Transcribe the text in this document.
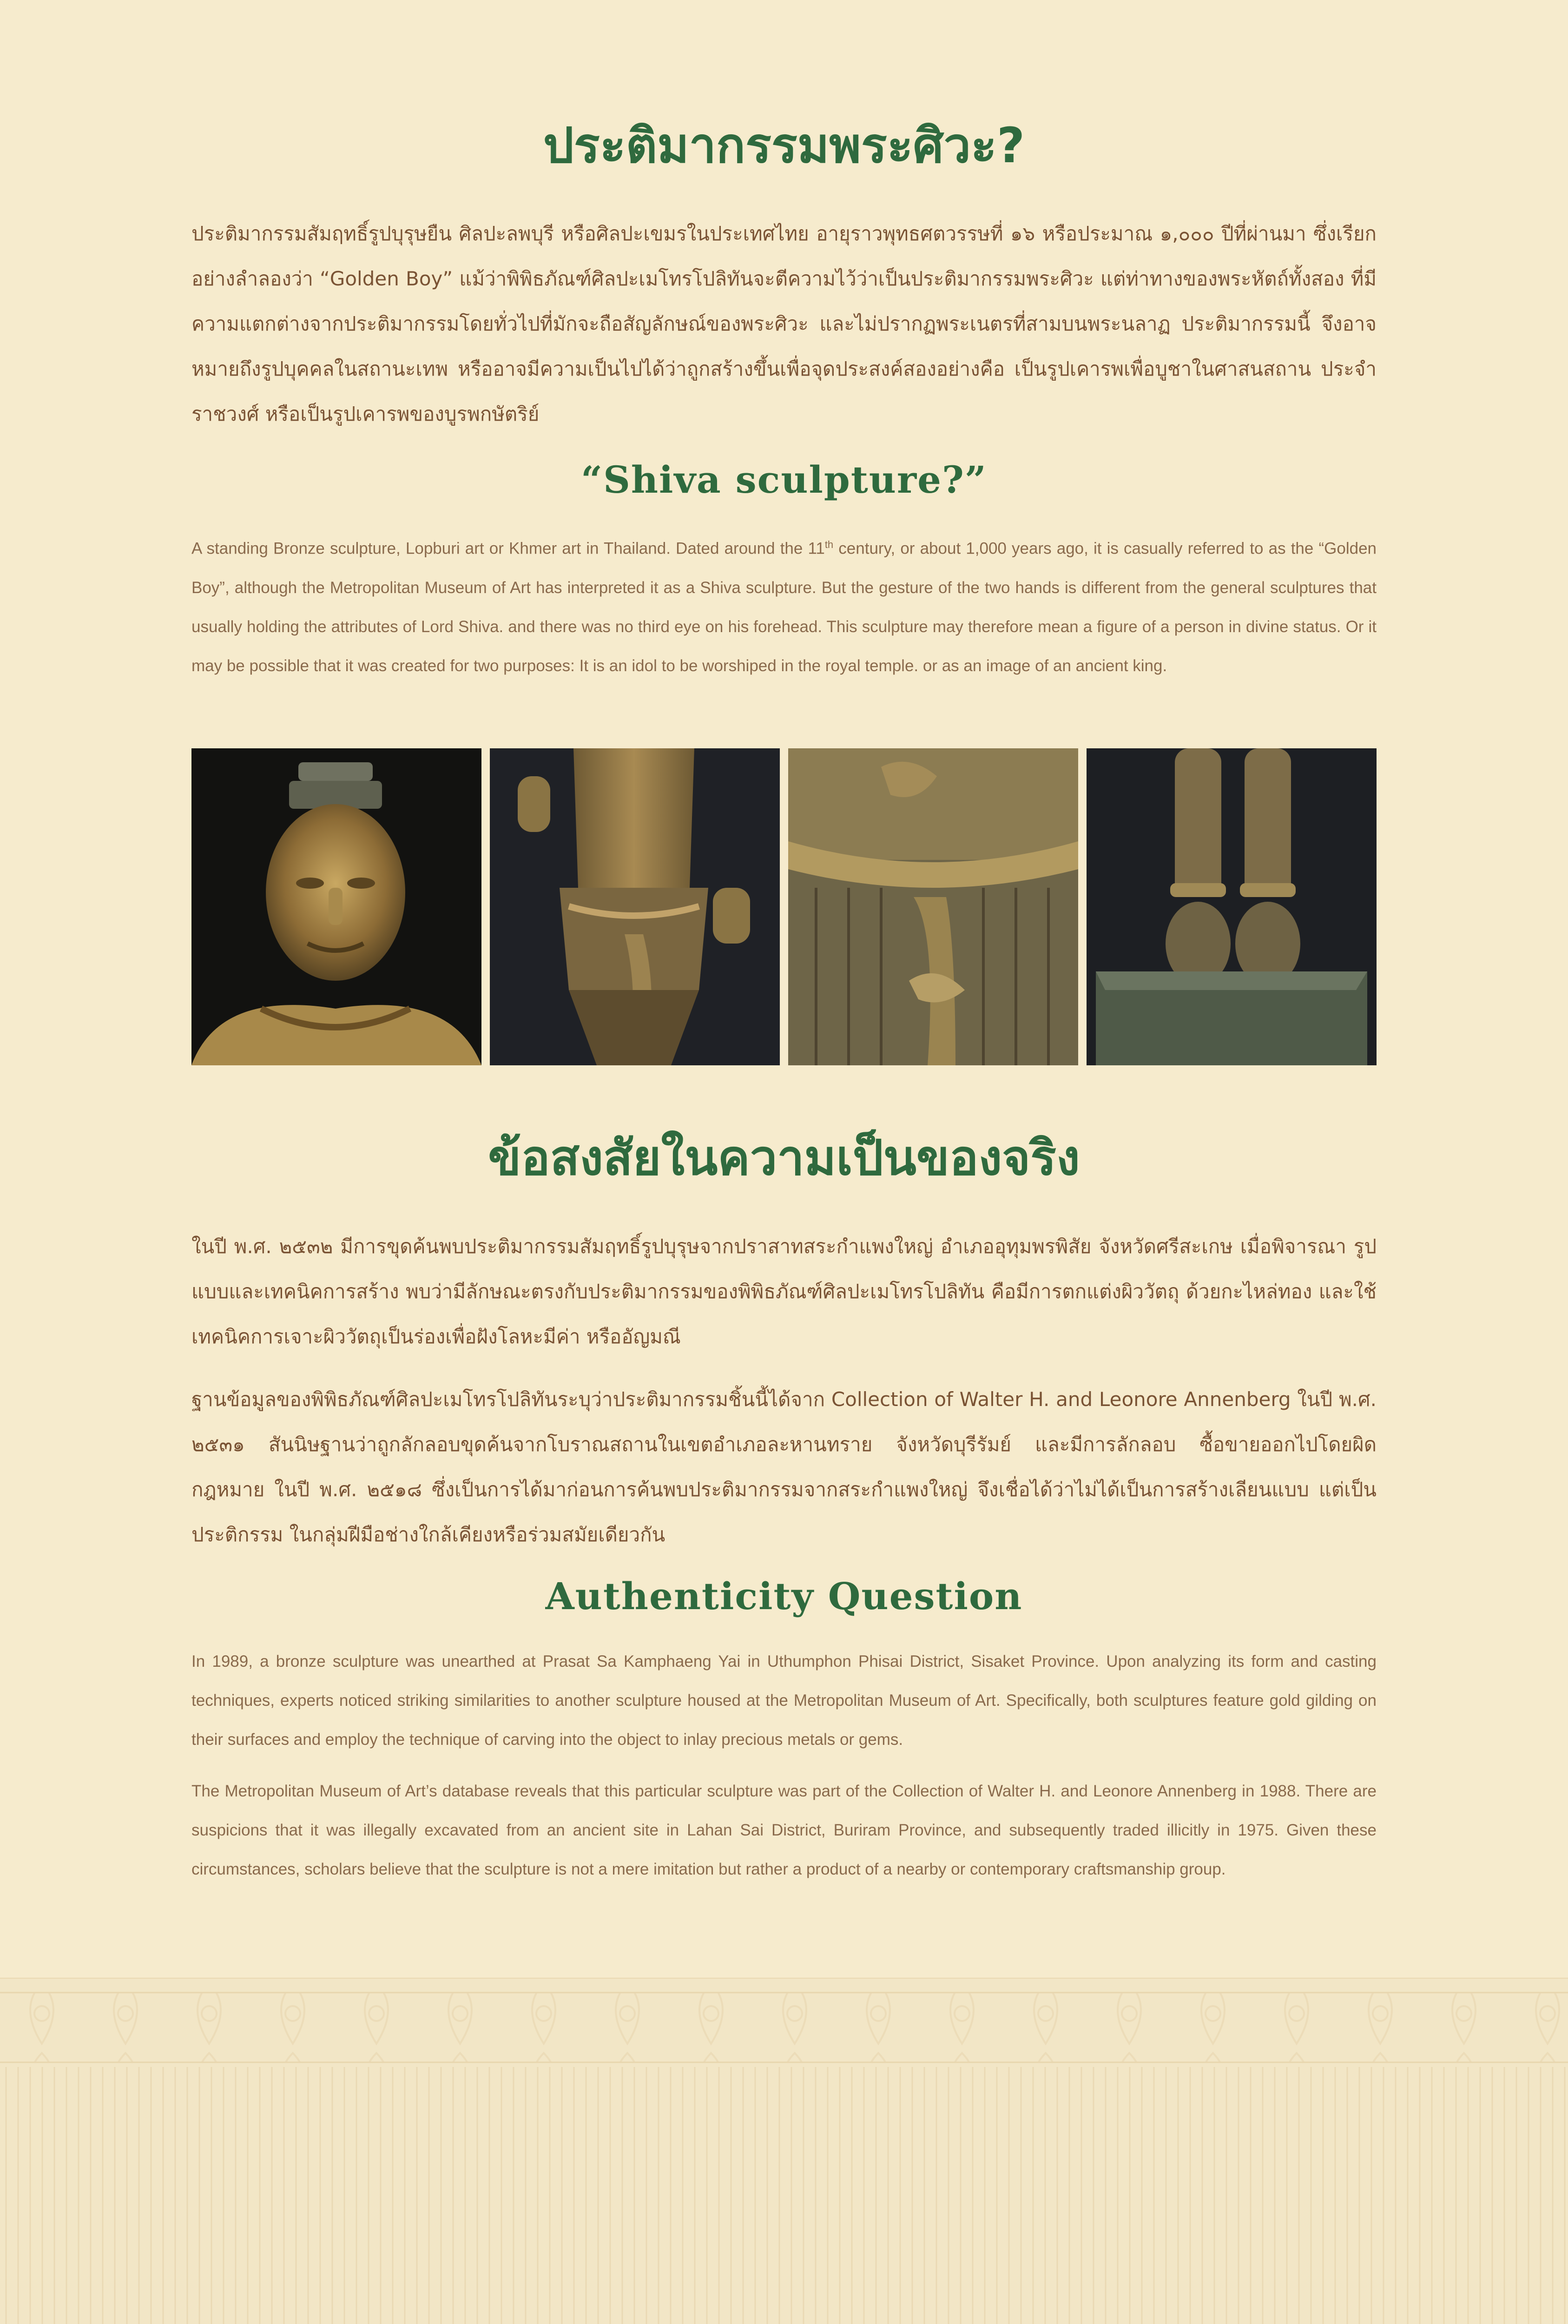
ประติมากรรมพระศิวะ?

ประติมากรรมสัมฤทธิ์รูปบุรุษยืน ศิลปะลพบุรี หรือศิลปะเขมรในประเทศไทย อายุราวพุทธศตวรรษที่ ๑๖ หรือประมาณ ๑,๐๐๐ ปีที่ผ่านมา ซึ่งเรียกอย่างลำลองว่า “Golden Boy” แม้ว่าพิพิธภัณฑ์ศิลปะเมโทรโปลิทันจะตีความไว้ว่าเป็นประติมากรรมพระศิวะ แต่ท่าทางของพระหัตถ์ทั้งสอง ที่มีความแตกต่างจากประติมากรรมโดยทั่วไปที่มักจะถือสัญลักษณ์ของพระศิวะ และไม่ปรากฏพระเนตรที่สามบนพระนลาฏ ประติมากรรมนี้ จึงอาจหมายถึงรูปบุคคลในสถานะเทพ หรืออาจมีความเป็นไปได้ว่าถูกสร้างขึ้นเพื่อจุดประสงค์สองอย่างคือ เป็นรูปเคารพเพื่อบูชาในศาสนสถาน ประจำราชวงศ์ หรือเป็นรูปเคารพของบูรพกษัตริย์

“Shiva sculpture?”

A standing Bronze sculpture, Lopburi art or Khmer art in Thailand. Dated around the 11th century, or about 1,000 years ago, it is casually referred to as the “Golden Boy”, although the Metropolitan Museum of Art has interpreted it as a Shiva sculpture. But the gesture of the two hands is different from the general sculptures that usually holding the attributes of Lord Shiva. and there was no third eye on his forehead. This sculpture may therefore mean a figure of a person in divine status. Or it may be possible that it was created for two purposes: It is an idol to be worshiped in the royal temple. or as an image of an ancient king.

ข้อสงสัยในความเป็นของจริง

ในปี พ.ศ. ๒๕๓๒ มีการขุดค้นพบประติมากรรมสัมฤทธิ์รูปบุรุษจากปราสาทสระกำแพงใหญ่ อำเภออุทุมพรพิสัย จังหวัดศรีสะเกษ เมื่อพิจารณา รูปแบบและเทคนิคการสร้าง พบว่ามีลักษณะตรงกับประติมากรรมของพิพิธภัณฑ์ศิลปะเมโทรโปลิทัน คือมีการตกแต่งผิววัตถุ ด้วยกะไหล่ทอง และใช้เทคนิคการเจาะผิววัตถุเป็นร่องเพื่อฝังโลหะมีค่า หรืออัญมณี

ฐานข้อมูลของพิพิธภัณฑ์ศิลปะเมโทรโปลิทันระบุว่าประติมากรรมชิ้นนี้ได้จาก Collection of Walter H. and Leonore Annenberg ในปี พ.ศ. ๒๕๓๑ สันนิษฐานว่าถูกลักลอบขุดค้นจากโบราณสถานในเขตอำเภอละหานทราย จังหวัดบุรีรัมย์ และมีการลักลอบ ซื้อขายออกไปโดยผิดกฎหมาย ในปี พ.ศ. ๒๕๑๘ ซึ่งเป็นการได้มาก่อนการค้นพบประติมากรรมจากสระกำแพงใหญ่ จึงเชื่อได้ว่าไม่ได้เป็นการสร้างเลียนแบบ แต่เป็นประติกรรม ในกลุ่มฝีมือช่างใกล้เคียงหรือร่วมสมัยเดียวกัน

Authenticity Question

In 1989, a bronze sculpture was unearthed at Prasat Sa Kamphaeng Yai in Uthumphon Phisai District, Sisaket Province. Upon analyzing its form and casting techniques, experts noticed striking similarities to another sculpture housed at the Metropolitan Museum of Art. Specifically, both sculptures feature gold gilding on their surfaces and employ the technique of carving into the object to inlay precious metals or gems.

The Metropolitan Museum of Art’s database reveals that this particular sculpture was part of the Collection of Walter H. and Leonore Annenberg in 1988. There are suspicions that it was illegally excavated from an ancient site in Lahan Sai District, Buriram Province, and subsequently traded illicitly in 1975. Given these circumstances, scholars believe that the sculpture is not a mere imitation but rather a product of a nearby or contemporary craftsmanship group.
